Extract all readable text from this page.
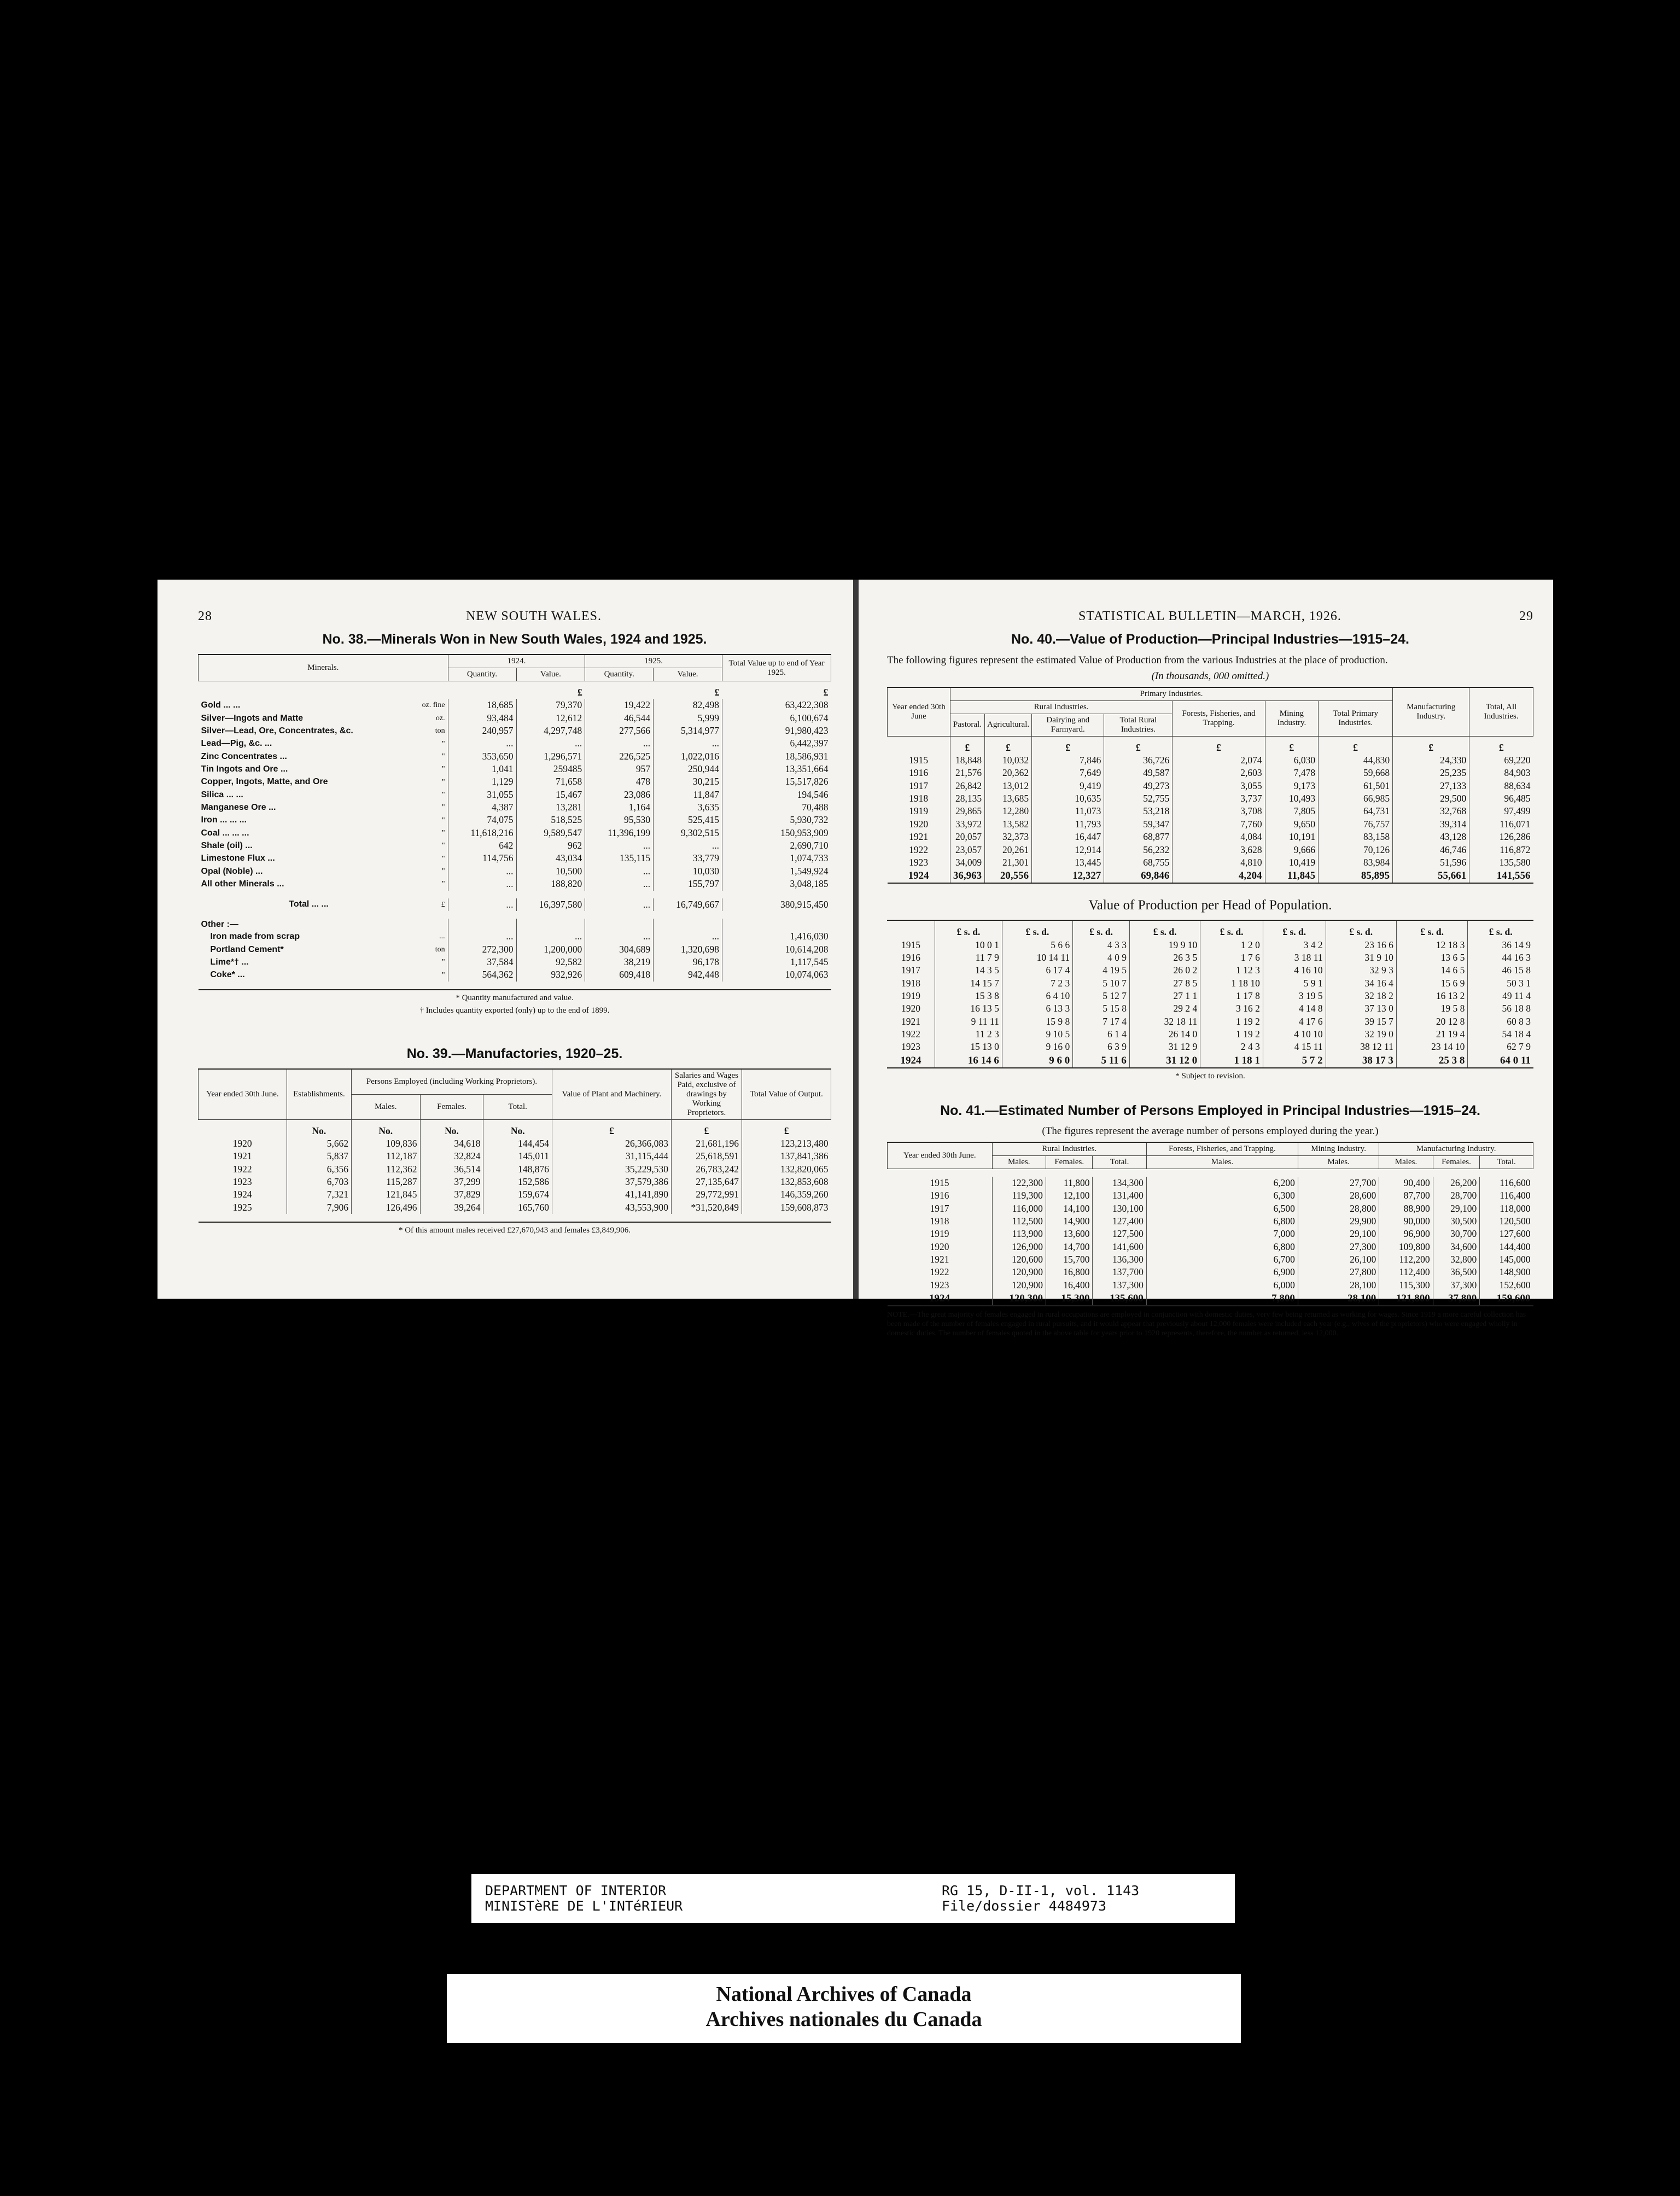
28	NEW SOUTH WALES.
No. 38.—Minerals Won in New South Wales, 1924 and 1925.
Minerals.		1924.		1925.		Total Value up to end of Year 1925.
		Quantity.	Value.	Quantity.	Value.	
			£		£	£
Gold ... ...	oz. fine	18,685	79,370	19,422	82,498	63,422,308
Silver—Ingots and Matte	oz.	93,484	12,612	46,544	5,999	6,100,674
Silver—Lead, Ore, Concentrates, &c.	ton	240,957	4,297,748	277,566	5,314,977	91,980,423
Lead—Pig, &c. ...	"	...	...	...	...	6,442,397
Zinc Concentrates ...	"	353,650	1,296,571	226,525	1,022,016	18,586,931
Tin Ingots and Ore ...	"	1,041	259485	957	250,944	13,351,664
Copper, Ingots, Matte, and Ore	"	1,129	71,658	478	30,215	15,517,826
Silica ... ...	"	31,055	15,467	23,086	11,847	194,546
Manganese Ore ...	"	4,387	13,281	1,164	3,635	70,488
Iron ... ... ...	"	74,075	518,525	95,530	525,415	5,930,732
Coal ... ... ...	"	11,618,216	9,589,547	11,396,199	9,302,515	150,953,909
Shale (oil) ...	"	642	962	...	...	2,690,710
Limestone Flux ...	"	114,756	43,034	135,115	33,779	1,074,733
Opal (Noble) ...	"	...	10,500	...	10,030	1,549,924
All other Minerals ...	"	...	188,820	...	155,797	3,048,185

Total ... ...	£	...	16,397,580	...	16,749,667	380,915,450

Other :—						
Iron made from scrap	...	...	...	...	...	1,416,030
Portland Cement*	ton	272,300	1,200,000	304,689	1,320,698	10,614,208
Lime*† ...	"	37,584	92,582	38,219	96,178	1,117,545
Coke* ...	"	564,362	932,926	609,418	942,448	10,074,063

* Quantity manufactured and value.
† Includes quantity exported (only) up to the end of 1899.
No. 39.—Manufactories, 1920–25.
Year ended 30th June.	Establishments.	Persons Employed (including Working Proprietors).			Value of Plant and Machinery.	Salaries and Wages Paid, exclusive of drawings by Working Proprietors.	Total Value of Output.
		Males.	Females.	Total.			
	No.	No.	No.	No.	£	£	£
1920	5,662	109,836	34,618	144,454	26,366,083	21,681,196	123,213,480
1921	5,837	112,187	32,824	145,011	31,115,444	25,618,591	137,841,386
1922	6,356	112,362	36,514	148,876	35,229,530	26,783,242	132,820,065
1923	6,703	115,287	37,299	152,586	37,579,386	27,135,647	132,853,608
1924	7,321	121,845	37,829	159,674	41,141,890	29,772,991	146,359,260
1925	7,906	126,496	39,264	165,760	43,553,900	*31,520,849	159,608,873

* Of this amount males received £27,670,943 and females £3,849,906.
STATISTICAL BULLETIN—MARCH, 1926.	29
No. 40.—Value of Production—Principal Industries—1915–24.
The following figures represent the estimated Value of Production from the various Industries at the place of production.
(In thousands, 000 omitted.)
Year ended 30th June	Primary Industries.							Manufacturing Industry.	Total, All Industries.
	Rural Industries.				Forests, Fisheries, and Trapping.	Mining Industry.	Total Primary Industries.		
	Pastoral.	Agricultural.	Dairying and Farmyard.	Total Rural Industries.					
	£	£	£	£	£	£	£	£	£
1915	18,848	10,032	7,846	36,726	2,074	6,030	44,830	24,330	69,220
1916	21,576	20,362	7,649	49,587	2,603	7,478	59,668	25,235	84,903
1917	26,842	13,012	9,419	49,273	3,055	9,173	61,501	27,133	88,634
1918	28,135	13,685	10,635	52,755	3,737	10,493	66,985	29,500	96,485
1919	29,865	12,280	11,073	53,218	3,708	7,805	64,731	32,768	97,499
1920	33,972	13,582	11,793	59,347	7,760	9,650	76,757	39,314	116,071
1921	20,057	32,373	16,447	68,877	4,084	10,191	83,158	43,128	126,286
1922	23,057	20,261	12,914	56,232	3,628	9,666	70,126	46,746	116,872
1923	34,009	21,301	13,445	68,755	4,810	10,419	83,984	51,596	135,580
1924	36,963	20,556	12,327	69,846	4,204	11,845	85,895	55,661	141,556
Value of Production per Head of Population.
	£ s. d.	£ s. d.	£ s. d.	£ s. d.	£ s. d.	£ s. d.	£ s. d.	£ s. d.	£ s. d.
1915	10 0 1	5 6 6	4 3 3	19 9 10	1 2 0	3 4 2	23 16 6	12 18 3	36 14 9
1916	11 7 9	10 14 11	4 0 9	26 3 5	1 7 6	3 18 11	31 9 10	13 6 5	44 16 3
1917	14 3 5	6 17 4	4 19 5	26 0 2	1 12 3	4 16 10	32 9 3	14 6 5	46 15 8
1918	14 15 7	7 2 3	5 10 7	27 8 5	1 18 10	5 9 1	34 16 4	15 6 9	50 3 1
1919	15 3 8	6 4 10	5 12 7	27 1 1	1 17 8	3 19 5	32 18 2	16 13 2	49 11 4
1920	16 13 5	6 13 3	5 15 8	29 2 4	3 16 2	4 14 8	37 13 0	19 5 8	56 18 8
1921	9 11 11	15 9 8	7 17 4	32 18 11	1 19 2	4 17 6	39 15 7	20 12 8	60 8 3
1922	11 2 3	9 10 5	6 1 4	26 14 0	1 19 2	4 10 10	32 19 0	21 19 4	54 18 4
1923	15 13 0	9 16 0	6 3 9	31 12 9	2 4 3	4 15 11	38 12 11	23 14 10	62 7 9
1924	16 14 6	9 6 0	5 11 6	31 12 0	1 18 1	5 7 2	38 17 3	25 3 8	64 0 11
* Subject to revision.
No. 41.—Estimated Number of Persons Employed in Principal Industries—1915–24.
(The figures represent the average number of persons employed during the year.)
Year ended 30th June.	Rural Industries.			Forests, Fisheries, and Trapping.	Mining Industry.	Manufacturing Industry.		
	Males.	Females.	Total.	Males.	Males.	Males.	Females.	Total.

1915	122,300	11,800	134,300	6,200	27,700	90,400	26,200	116,600
1916	119,300	12,100	131,400	6,300	28,600	87,700	28,700	116,400
1917	116,000	14,100	130,100	6,500	28,800	88,900	29,100	118,000
1918	112,500	14,900	127,400	6,800	29,900	90,000	30,500	120,500
1919	113,900	13,600	127,500	7,000	29,100	96,900	30,700	127,600
1920	126,900	14,700	141,600	6,800	27,300	109,800	34,600	144,400
1921	120,600	15,700	136,300	6,700	26,100	112,200	32,800	145,000
1922	120,900	16,800	137,700	6,900	27,800	112,400	36,500	148,900
1923	120,900	16,400	137,300	6,000	28,100	115,300	37,300	152,600
1924	120,300	15,300	135,600	7,800	28,100	121,800	37,800	159,600
NOTE.—The great majority of females engaged in rural occupations are employed in conjunction with domestic duties, very few being returned as working for wages. Since 1919 a more careful collection has been made of the number of females engaged in rural pursuits, and it would appear that previously about 12,000 females were included each year (e.g., wives of the proprietors) who were engaged wholly in domestic duties. The number of females quoted in the above table for years prior to 1920 represents, therefore, the number as returned, less 12,000.
DEPARTMENT OF INTERIOR
MINISTèRE DE L'INTéRIEUR
RG 15, D-II-1, vol. 1143
File/dossier 4484973
National Archives of Canada
Archives nationales du Canada
